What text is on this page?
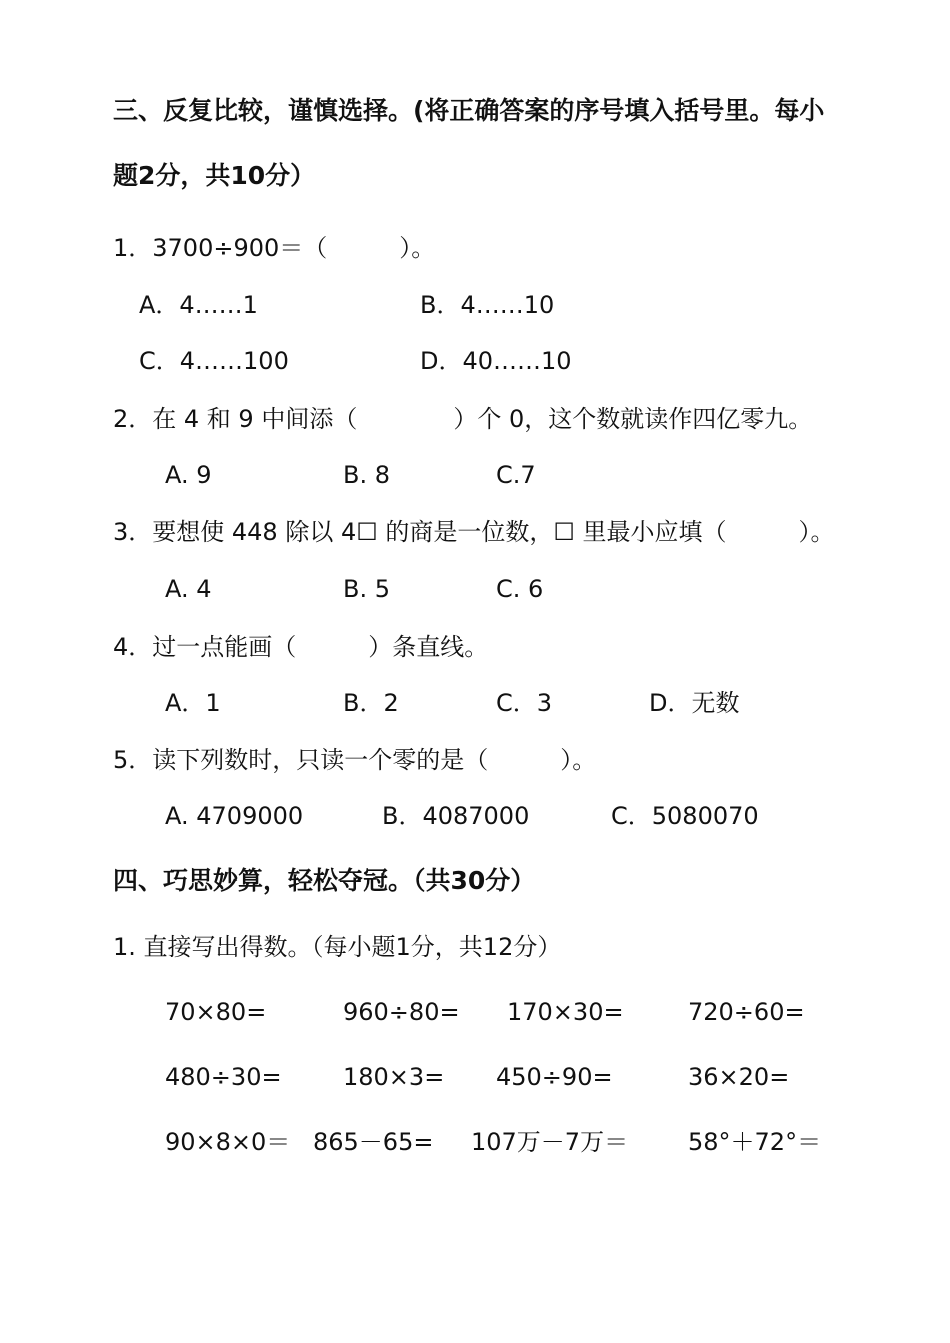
三、反复比较，谨慎选择。(将正确答案的序号填入括号里。每小
题2分，共10分）
1．3700÷900＝（　　　）。
A．4……1	B．4……10
C．4……100	D．40……10
2．在 4 和 9 中间添（　　　　）个 0，这个数就读作四亿零九。
A. 9	B. 8	C.7
3．要想使 448 除以 4☐ 的商是一位数，☐ 里最小应填（　　　）。
A. 4	B. 5	C. 6
4．过一点能画（　　　）条直线。
A．1	B．2	C．3	D．无数
5．读下列数时，只读一个零的是（　　　）。
A. 4709000	B．4087000	C．5080070
四、巧思妙算，轻松夺冠。（共30分）
1. 直接写出得数。（每小题1分，共12分）
70×80=	960÷80= 170×30=	720÷60=
480÷30=	180×3= 450÷90=	36×20=
90×8×0＝ 865－65= 107万－7万＝ 58°＋72°＝
